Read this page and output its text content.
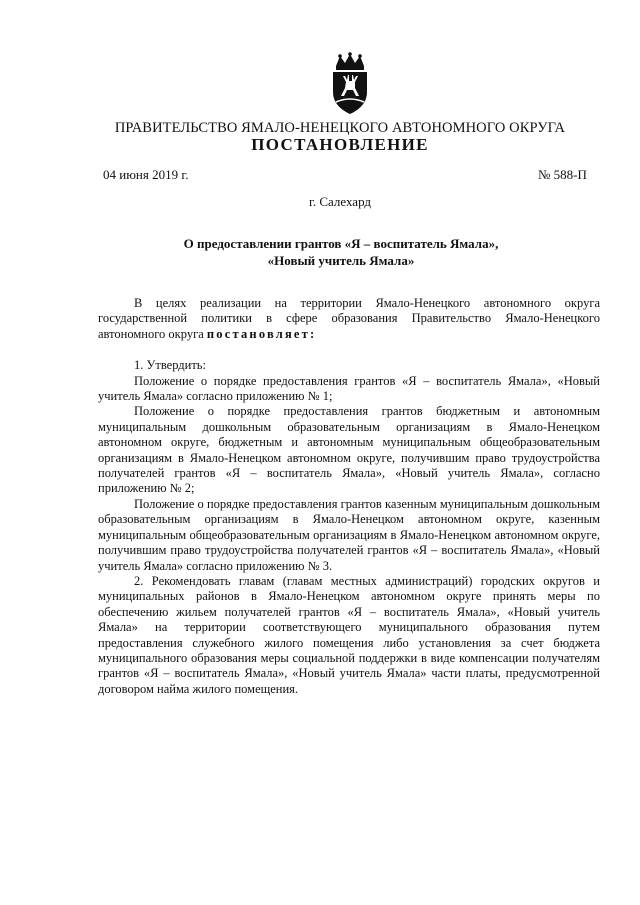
ПРАВИТЕЛЬСТВО ЯМАЛО-НЕНЕЦКОГО АВТОНОМНОГО ОКРУГА
ПОСТАНОВЛЕНИЕ
04 июня 2019 г.	№ 588-П
г. Салехард
О предоставлении грантов «Я – воспитатель Ямала»,
«Новый учитель Ямала»

В целях реализации на территории Ямало-Ненецкого автономного округа государственной политики в сфере образования Правительство Ямало-Ненецкого автономного округа постановляет:

1. Утвердить:

Положение о порядке предоставления грантов «Я – воспитатель Ямала», «Новый учитель Ямала» согласно приложению № 1;

Положение о порядке предоставления грантов бюджетным и автономным муниципальным дошкольным образовательным организациям в Ямало-Ненецком автономном округе, бюджетным и автономным муниципальным общеобразовательным организациям в Ямало-Ненецком автономном округе, получившим право трудоустройства получателей грантов «Я – воспитатель Ямала», «Новый учитель Ямала», согласно приложению № 2;

Положение о порядке предоставления грантов казенным муниципальным дошкольным образовательным организациям в Ямало-Ненецком автономном округе, казенным муниципальным общеобразовательным организациям в Ямало-Ненецком автономном округе, получившим право трудоустройства получателей грантов «Я – воспитатель Ямала», «Новый учитель Ямала» согласно приложению № 3.

2. Рекомендовать главам (главам местных администраций) городских округов и муниципальных районов в Ямало-Ненецком автономном округе принять меры по обеспечению жильем получателей грантов «Я – воспитатель Ямала», «Новый учитель Ямала» на территории соответствующего муниципального образования путем предоставления служебного жилого помещения либо установления за счет бюджета муниципального образования меры социальной поддержки в виде компенсации получателям грантов «Я – воспитатель Ямала», «Новый учитель Ямала» части платы, предусмотренной договором найма жилого помещения.
